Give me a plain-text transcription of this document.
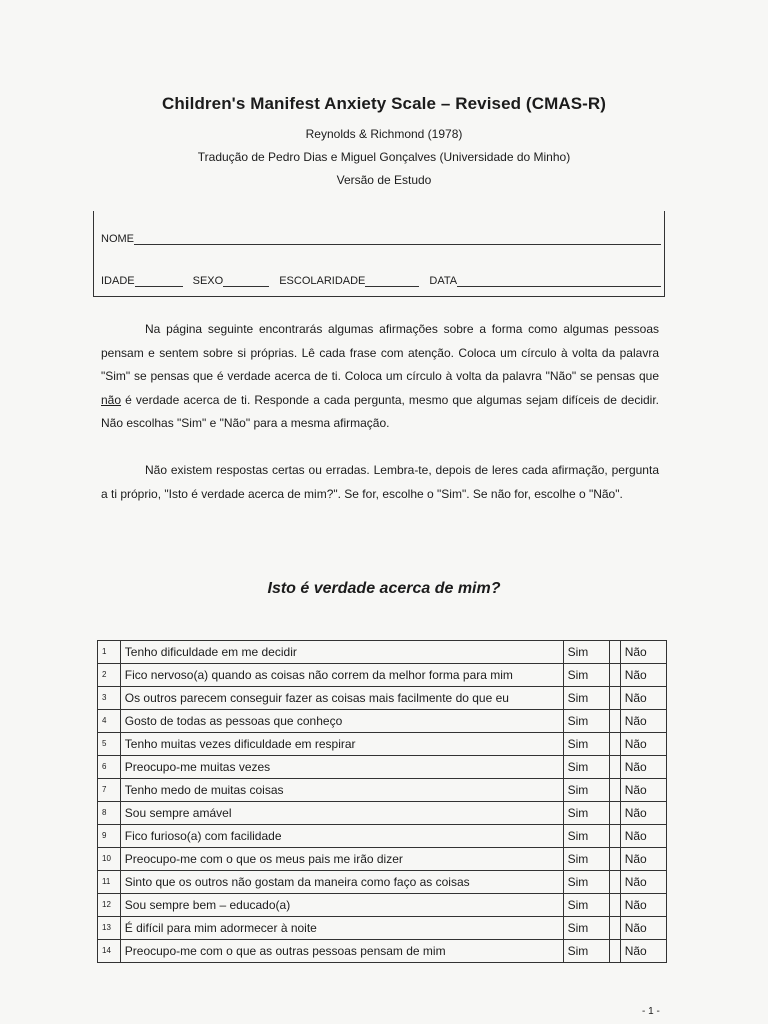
Children's Manifest Anxiety Scale – Revised (CMAS-R)
Reynolds & Richmond (1978)
Tradução de Pedro Dias e Miguel Gonçalves (Universidade do Minho)
Versão de Estudo
NOME
IDADE	SEXO	ESCOLARIDADE	DATA
Na página seguinte encontrarás algumas afirmações sobre a forma como algumas pessoas pensam e sentem sobre si próprias. Lê cada frase com atenção. Coloca um círculo à volta da palavra "Sim" se pensas que é verdade acerca de ti. Coloca um círculo à volta da palavra "Não" se pensas que não é verdade acerca de ti. Responde a cada pergunta, mesmo que algumas sejam difíceis de decidir. Não escolhas "Sim" e "Não" para a mesma afirmação.
Não existem respostas certas ou erradas. Lembra-te, depois de leres cada afirmação, pergunta a ti próprio, "Isto é verdade acerca de mim?". Se for, escolhe o "Sim". Se não for, escolhe o "Não".
Isto é verdade acerca de mim?
1	Tenho dificuldade em me decidir	Sim		Não
2	Fico nervoso(a) quando as coisas não correm da melhor forma para mim	Sim		Não
3	Os outros parecem conseguir fazer as coisas mais facilmente do que eu	Sim		Não
4	Gosto de todas as pessoas que conheço	Sim		Não
5	Tenho muitas vezes dificuldade em respirar	Sim		Não
6	Preocupo-me muitas vezes	Sim		Não
7	Tenho medo de muitas coisas	Sim		Não
8	Sou sempre amável	Sim		Não
9	Fico furioso(a) com facilidade	Sim		Não
10	Preocupo-me com o que os meus pais me irão dizer	Sim		Não
11	Sinto que os outros não gostam da maneira como faço as coisas	Sim		Não
12	Sou sempre bem – educado(a)	Sim		Não
13	É difícil para mim adormecer à noite	Sim		Não
14	Preocupo-me com o que as outras pessoas pensam de mim	Sim		Não
- 1 -
